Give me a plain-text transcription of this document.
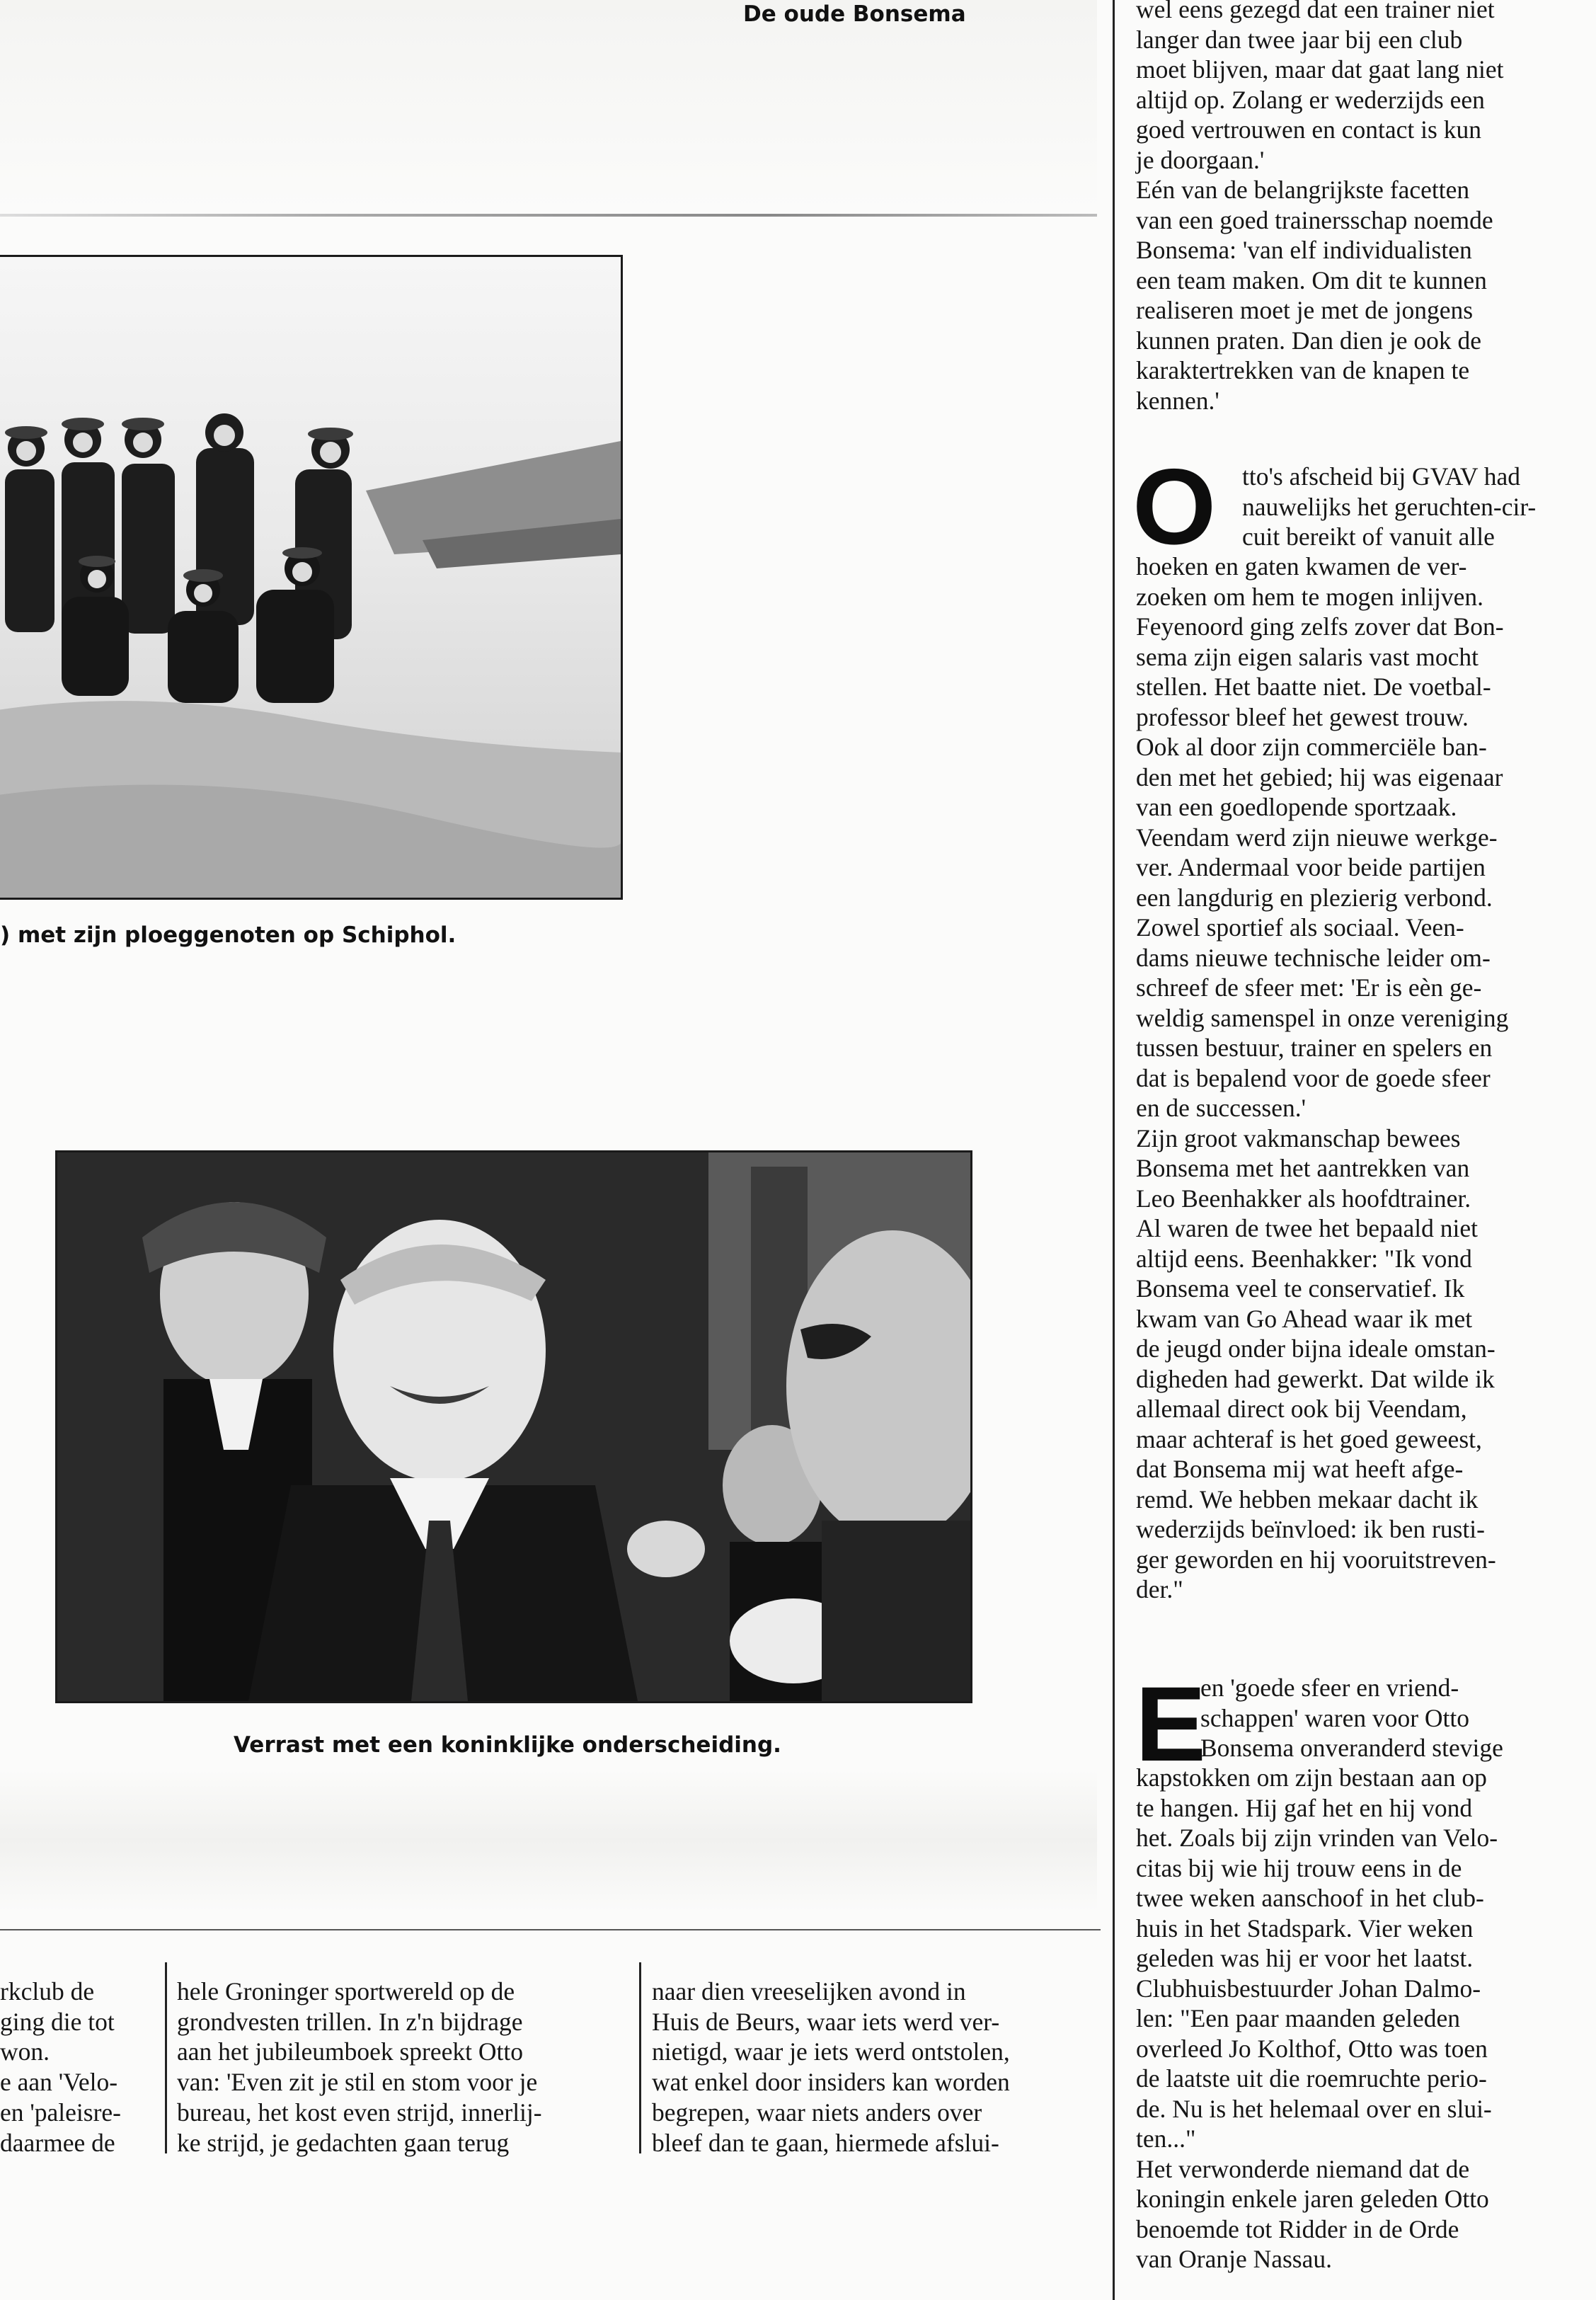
De oude Bonsema
) met zijn ploeggenoten op Schiphol.
Verrast met een koninklijke onderscheiding.
rkclub de
ging die tot
won.
e aan 'Velo-
en 'paleisre-
daarmee de
hele Groninger sportwereld op de
grondvesten trillen. In z'n bijdrage
aan het jubileumboek spreekt Otto
van: 'Even zit je stil en stom voor je
bureau, het kost even strijd, innerlij-
ke strijd, je gedachten gaan terug
naar dien vreeselijken avond in
Huis de Beurs, waar iets werd ver-
nietigd, waar je iets werd ontstolen,
wat enkel door insiders kan worden
begrepen, waar niets anders over
bleef dan te gaan, hiermede afslui-
wel eens gezegd dat een trainer niet
langer dan twee jaar bij een club
moet blijven, maar dat gaat lang niet
altijd op. Zolang er wederzijds een
goed vertrouwen en contact is kun
je doorgaan.'
Eén van de belangrijkste facetten
van een goed trainersschap noemde
Bonsema: 'van elf individualisten
een team maken. Om dit te kunnen
realiseren moet je met de jongens
kunnen praten. Dan dien je ook de
karaktertrekken van de knapen te
kennen.'
O tto's afscheid bij GVAV had
nauwelijks het geruchten-cir-
cuit bereikt of vanuit alle
hoeken en gaten kwamen de ver-
zoeken om hem te mogen inlijven.
Feyenoord ging zelfs zover dat Bon-
sema zijn eigen salaris vast mocht
stellen. Het baatte niet. De voetbal-
professor bleef het gewest trouw.
Ook al door zijn commerciële ban-
den met het gebied; hij was eigenaar
van een goedlopende sportzaak.
Veendam werd zijn nieuwe werkge-
ver. Andermaal voor beide partijen
een langdurig en plezierig verbond.
Zowel sportief als sociaal. Veen-
dams nieuwe technische leider om-
schreef de sfeer met: 'Er is eèn ge-
weldig samenspel in onze vereniging
tussen bestuur, trainer en spelers en
dat is bepalend voor de goede sfeer
en de successen.'
Zijn groot vakmanschap bewees
Bonsema met het aantrekken van
Leo Beenhakker als hoofdtrainer.
Al waren de twee het bepaald niet
altijd eens. Beenhakker: "Ik vond
Bonsema veel te conservatief. Ik
kwam van Go Ahead waar ik met
de jeugd onder bijna ideale omstan-
digheden had gewerkt. Dat wilde ik
allemaal direct ook bij Veendam,
maar achteraf is het goed geweest,
dat Bonsema mij wat heeft afge-
remd. We hebben mekaar dacht ik
wederzijds beïnvloed: ik ben rusti-
ger geworden en hij vooruitstreven-
der."
E
en 'goede sfeer en vriend-
schappen' waren voor Otto
Bonsema onveranderd stevige
kapstokken om zijn bestaan aan op
te hangen. Hij gaf het en hij vond
het. Zoals bij zijn vrinden van Velo-
citas bij wie hij trouw eens in de
twee weken aanschoof in het club-
huis in het Stadspark. Vier weken
geleden was hij er voor het laatst.
Clubhuisbestuurder Johan Dalmo-
len: "Een paar maanden geleden
overleed Jo Kolthof, Otto was toen
de laatste uit die roemruchte perio-
de. Nu is het helemaal over en slui-
ten..."
Het verwonderde niemand dat de
koningin enkele jaren geleden Otto
benoemde tot Ridder in de Orde
van Oranje Nassau.
